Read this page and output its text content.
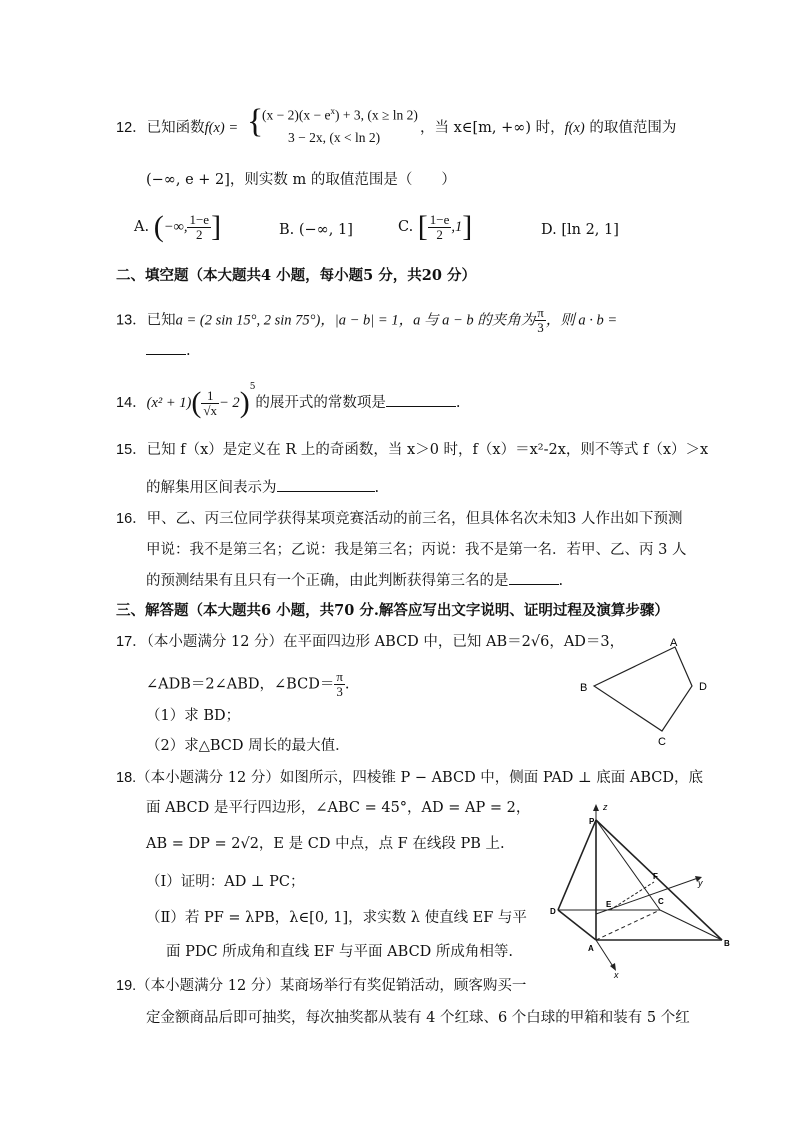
12．已知函数f(x) = {
$(x - 2)(x - e^x) + 3$, (x ≥ ln 2)
3 − 2x, (x < ln 2)
，当 x∈[m, +∞) 时，f(x) 的取值范围为
(−∞, e + 2]，则实数 m 的取值范围是（　　）
A. (−∞, $\frac{1-e}{2}$ ]	B. (−∞, 1]	C. [ $\frac{1-e}{2} ,1$]	D. [ln 2, 1]
二、填空题（本大题共4 小题，每小题5 分，共20 分）
13．已知a = (2 sin 15°, 2 sin 75°)，|a − b| = 1，a 与 a − b 的夹角为 $\frac{\pi}{3}$ ，则 a · b =
.
14．$(x^2 + 1)( \frac{1}{√x} - 2)^5$的展开式的常数项是	.
15．已知 f（x）是定义在 R 上的奇函数，当 x＞0 时，f（x）＝x²-2x，则不等式 f（x）＞x
的解集用区间表示为	.
16．甲、乙、丙三位同学获得某项竞赛活动的前三名，但具体名次未知3 人作出如下预测
甲说：我不是第三名；乙说：我是第三名；丙说：我不是第一名．若甲、乙、丙 3 人
的预测结果有且只有一个正确，由此判断获得第三名的是	.
三、解答题（本大题共6 小题，共70 分.解答应写出文字说明、证明过程及演算步骤）
17．（本小题满分 12 分）在平面四边形 ABCD 中，已知 AB＝2√6，AD＝3，
∠ADB＝2∠ABD，∠BCD＝ $\frac{\pi}{3}$ .
（1）求 BD；
（2）求△BCD 周长的最大值．
A
B	D
C
18.（本小题满分 12 分）如图所示，四棱锥 P − ABCD 中，侧面 PAD ⊥ 底面 ABCD，底
面 ABCD 是平行四边形，∠ABC = 45°，AD = AP = 2，
AB = DP = 2√2，E 是 CD 中点，点 F 在线段 PB 上.
（Ⅰ）证明：AD ⊥ PC；
（Ⅱ）若 PF = λPB，λ∈[0, 1]，求实数 λ 使直线 EF 与平
面 PDC 所成角和直线 EF 与平面 ABCD 所成角相等.
P
z
y
x
D
E
F
C
A
B
19.（本小题满分 12 分）某商场举行有奖促销活动，顾客购买一
定金额商品后即可抽奖，每次抽奖都从装有 4 个红球、6 个白球的甲箱和装有 5 个红
